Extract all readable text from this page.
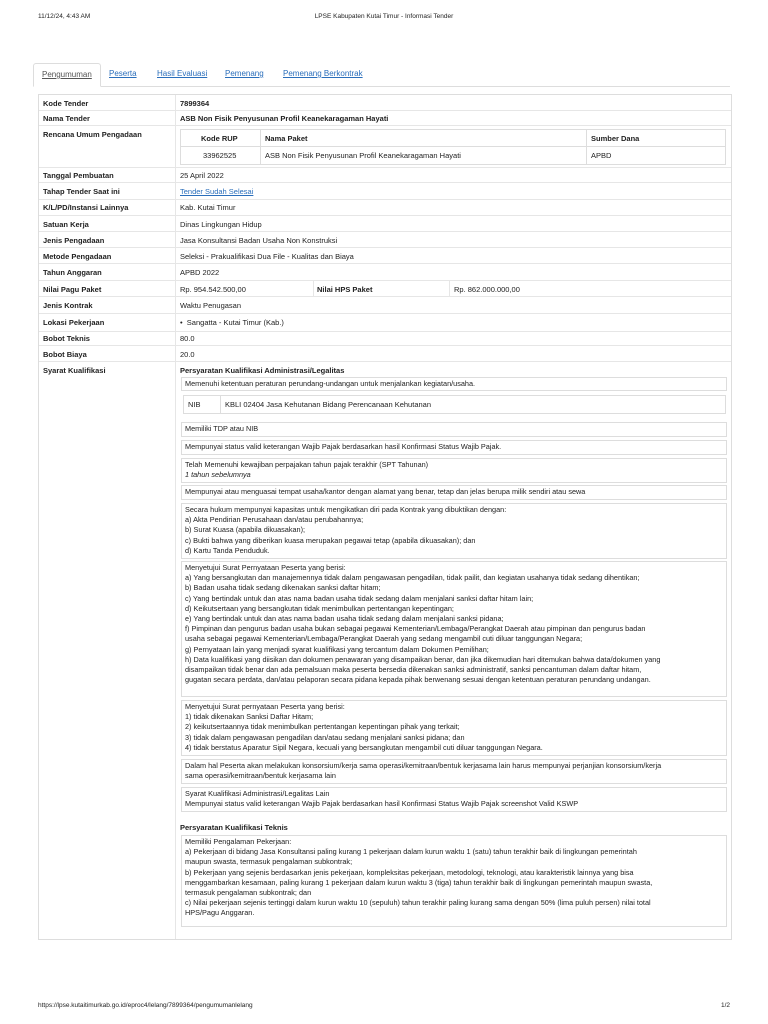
11/12/24, 4:43 AM	LPSE Kabupaten Kutai Timur - Informasi Tender
Pengumuman	Peserta	Hasil Evaluasi	Pemenang	Pemenang Berkontrak
Kode Tender	7899364
Nama Tender	ASB Non Fisik Penyusunan Profil Keanekaragaman Hayati
Rencana Umum Pengadaan	Kode RUP	Nama Paket	Sumber Dana
33962525	ASB Non Fisik Penyusunan Profil Keanekaragaman Hayati	APBD
Tanggal Pembuatan	25 April 2022
Tahap Tender Saat ini	Tender Sudah Selesai
K/L/PD/Instansi Lainnya	Kab. Kutai Timur
Satuan Kerja	Dinas Lingkungan Hidup
Jenis Pengadaan	Jasa Konsultansi Badan Usaha Non Konstruksi
Metode Pengadaan	Seleksi - Prakualifikasi Dua File - Kualitas dan Biaya
Tahun Anggaran	APBD 2022
Nilai Pagu Paket	Rp. 954.542.500,00	Nilai HPS Paket	Rp. 862.000.000,00
Jenis Kontrak	Waktu Penugasan
Lokasi Pekerjaan	•  Sangatta - Kutai Timur (Kab.)
Bobot Teknis	80.0
Bobot Biaya	20.0
Syarat Kualifikasi	Persyaratan Kualifikasi Administrasi/Legalitas

Memenuhi ketentuan peraturan perundang-undangan untuk menjalankan kegiatan/usaha.

NIB	KBLI 02404 Jasa Kehutanan Bidang Perencanaan Kehutanan

Memiliki TDP atau NIB

Mempunyai status valid keterangan Wajib Pajak berdasarkan hasil Konfirmasi Status Wajib Pajak.

Telah Memenuhi kewajiban perpajakan tahun pajak terakhir (SPT Tahunan)

1 tahun sebelumnya

Mempunyai atau menguasai tempat usaha/kantor dengan alamat yang benar, tetap dan jelas berupa milik sendiri atau sewa

Secara hukum mempunyai kapasitas untuk mengikatkan diri pada Kontrak yang dibuktikan dengan:

a) Akta Pendirian Perusahaan dan/atau perubahannya;

b) Surat Kuasa (apabila dikuasakan);

c) Bukti bahwa yang diberikan kuasa merupakan pegawai tetap (apabila dikuasakan); dan

d) Kartu Tanda Penduduk.

Menyetujui Surat Pernyataan Peserta yang berisi:

a) Yang bersangkutan dan manajemennya tidak dalam pengawasan pengadilan, tidak pailit, dan kegiatan usahanya tidak sedang dihentikan;

b) Badan usaha tidak sedang dikenakan sanksi daftar hitam;

c) Yang bertindak untuk dan atas nama badan usaha tidak sedang dalam menjalani sanksi daftar hitam lain;

d) Keikutsertaan yang bersangkutan tidak menimbulkan pertentangan kepentingan;

e) Yang bertindak untuk dan atas nama badan usaha tidak sedang dalam menjalani sanksi pidana;

f) Pimpinan dan pengurus badan usaha bukan sebagai pegawai Kementerian/Lembaga/Perangkat Daerah atau pimpinan dan pengurus badan

usaha sebagai pegawai Kementerian/Lembaga/Perangkat Daerah yang sedang mengambil cuti diluar tanggungan Negara;

g) Pernyataan lain yang menjadi syarat kualifikasi yang tercantum dalam Dokumen Pemilihan;

h) Data kualifikasi yang diisikan dan dokumen penawaran yang disampaikan benar, dan jika dikemudian hari ditemukan bahwa data/dokumen yang

disampaikan tidak benar dan ada pemalsuan maka peserta bersedia dikenakan sanksi administratif, sanksi pencantuman dalam daftar hitam,

gugatan secara perdata, dan/atau pelaporan secara pidana kepada pihak berwenang sesuai dengan ketentuan peraturan perundang undangan.

Menyetujui Surat pernyataan Peserta yang berisi:

1) tidak dikenakan Sanksi Daftar Hitam;

2) keikutsertaannya tidak menimbulkan pertentangan kepentingan pihak yang terkait;

3) tidak dalam pengawasan pengadilan dan/atau sedang menjalani sanksi pidana; dan

4) tidak berstatus Aparatur Sipil Negara, kecuali yang bersangkutan mengambil cuti diluar tanggungan Negara.

Dalam hal Peserta akan melakukan konsorsium/kerja sama operasi/kemitraan/bentuk kerjasama lain harus mempunyai perjanjian konsorsium/kerja

sama operasi/kemitraan/bentuk kerjasama lain

Syarat Kualifikasi Administrasi/Legalitas Lain

Mempunyai status valid keterangan Wajib Pajak berdasarkan hasil Konfirmasi Status Wajib Pajak screenshot Valid KSWP

Persyaratan Kualifikasi Teknis

Memiliki Pengalaman Pekerjaan:

a) Pekerjaan di bidang Jasa Konsultansi paling kurang 1 pekerjaan dalam kurun waktu 1 (satu) tahun terakhir baik di lingkungan pemerintah

maupun swasta, termasuk pengalaman subkontrak;

b) Pekerjaan yang sejenis berdasarkan jenis pekerjaan, kompleksitas pekerjaan, metodologi, teknologi, atau karakteristik lainnya yang bisa

menggambarkan kesamaan, paling kurang 1 pekerjaan dalam kurun waktu 3 (tiga) tahun terakhir baik di lingkungan pemerintah maupun swasta,

termasuk pengalaman subkontrak; dan

c) Nilai pekerjaan sejenis tertinggi dalam kurun waktu 10 (sepuluh) tahun terakhir paling kurang sama dengan 50% (lima puluh persen) nilai total

HPS/Pagu Anggaran.

https://lpse.kutaitimurkab.go.id/eproc4/lelang/7899364/pengumumanlelang	1/2
